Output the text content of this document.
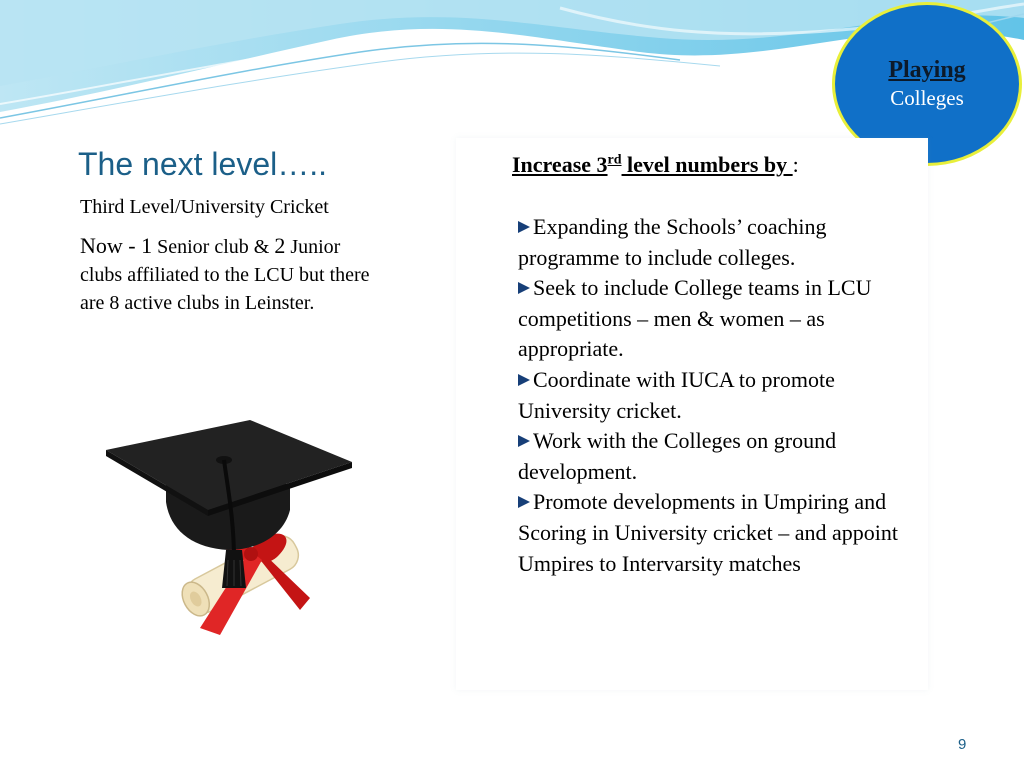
Playing
Colleges
The next level…..
Third Level/University Cricket
Now - 1 Senior club & 2 Junior clubs affiliated to the LCU but there are 8 active clubs in Leinster.
Increase 3rd level numbers by :
Expanding the Schools’ coaching programme to include colleges.
Seek to include College teams in LCU competitions – men & women – as appropriate.
Coordinate with IUCA to promote University cricket.
Work with the Colleges on ground development.
Promote developments in Umpiring and Scoring in University cricket – and appoint Umpires to Intervarsity matches
9
